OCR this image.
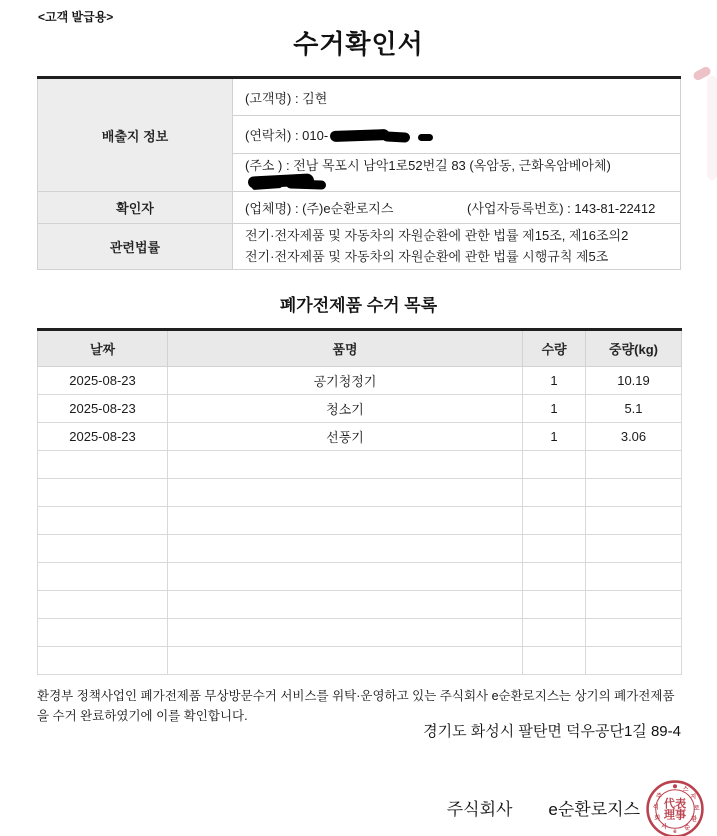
<고객 발급용>
수거확인서
배출지 정보	(고객명) : 김현
	(연락처) : 010-

	(주소 ) : 전남 목포시 남악1로52번길 83 (옥암동, 근화옥암베아체)

확인자	(업체명) : (주)e순환로지스 (사업자등록번호) : 143-81-22412

관련법률	전기·전자제품 및 자동차의 자원순환에 관한 법률 제15조, 제16조의2
전기·전자제품 및 자동차의 자원순환에 관한 법률 시행규칙 제5조
폐가전제품 수거 목록
날짜	품명	수량	중량(kg)
2025-08-23	공기청정기	1	10.19
2025-08-23	청소기	1	5.1
2025-08-23	선풍기	1	3.06

환경부 정책사업인 폐가전제품 무상방문수거 서비스를 위탁·운영하고 있는 주식회사 e순환로지스는 상기의 폐가전제품을 수거 완료하였기에 이를 확인합니다.
경기도 화성시 팔탄면 덕우공단1길 89-4
주식회사 e순환로지스 代表
理事
주
식
회
사
e
순
환
로
지
스
